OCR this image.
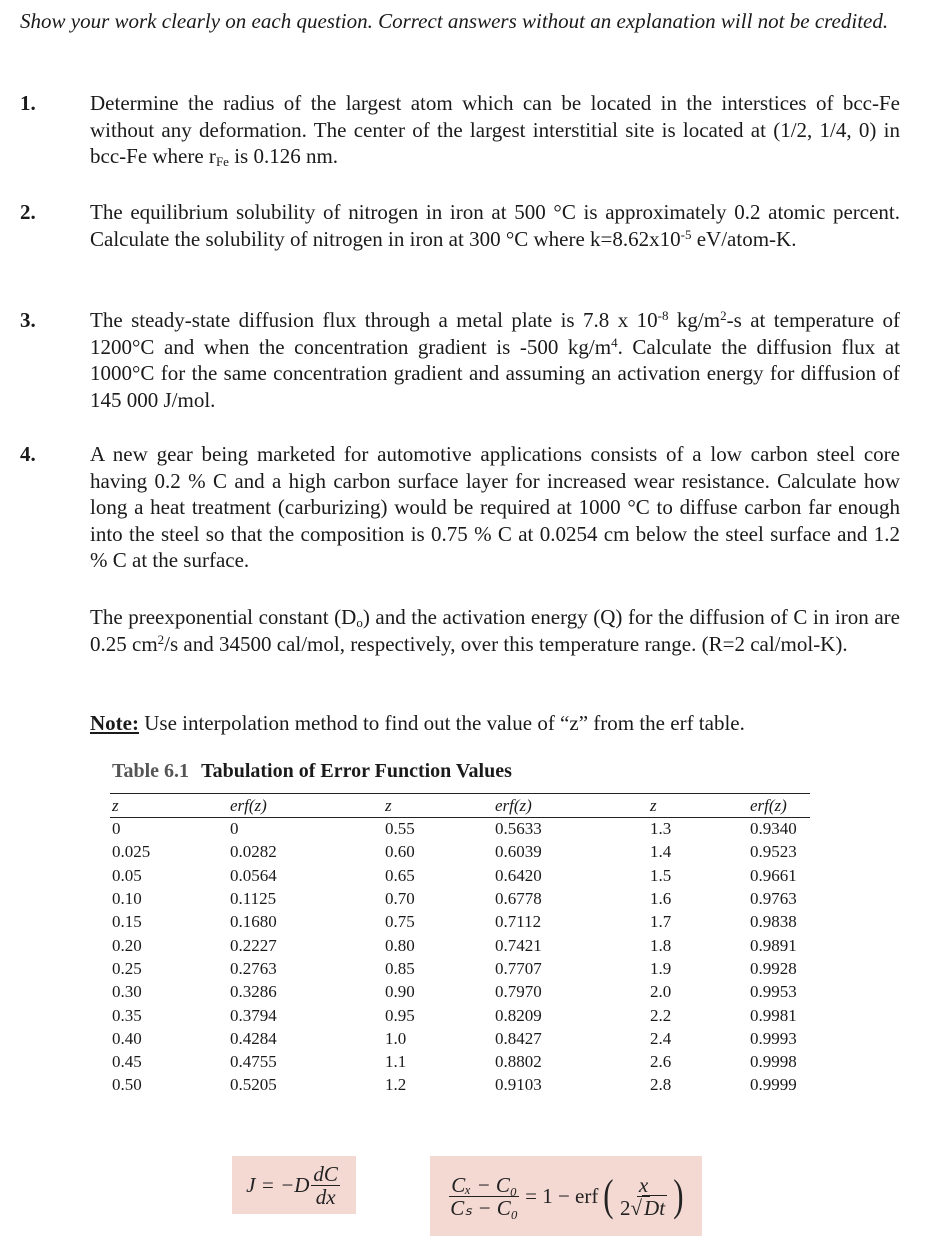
Show your work clearly on each question. Correct answers without an explanation will not be credited.
1.	Determine the radius of the largest atom which can be located in the interstices of bcc-Fe without any deformation. The center of the largest interstitial site is located at (1/2, 1/4, 0) in bcc-Fe where $r_{Fe}$ is 0.126 nm.
2.	The equilibrium solubility of nitrogen in iron at 500 °C is approximately 0.2 atomic percent. Calculate the solubility of nitrogen in iron at 300 °C where $k=8.62x10^{-5}$ eV/atom-K.
3.	The steady-state diffusion flux through a metal plate is 7.8 x $10^{-8}$ $kg/m^2-s$ at temperature of 1200°C and when the concentration gradient is -500 $kg/m^4$. Calculate the diffusion flux at 1000°C for the same concentration gradient and assuming an activation energy for diffusion of 145 000 J/mol.
4.	A new gear being marketed for automotive applications consists of a low carbon steel core having 0.2 % C and a high carbon surface layer for increased wear resistance. Calculate how long a heat treatment (carburizing) would be required at 1000 °C to diffuse carbon far enough into the steel so that the composition is 0.75 % C at 0.0254 cm below the steel surface and 1.2 % C at the surface.
The preexponential constant $(D_o)$ and the activation energy (Q) for the diffusion of C in iron are 0.25 $cm^2/s$ and 34500 cal/mol, respectively, over this temperature range. (R=2 cal/mol-K).
Note: Use interpolation method to find out the value of “z” from the erf table.
Table 6.1 Tabulation of Error Function Values
z	erf(z)	z	erf(z)	z	erf(z)
0	0	0.55	0.5633	1.3	0.9340
0.025	0.0282	0.60	0.6039	1.4	0.9523
0.05	0.0564	0.65	0.6420	1.5	0.9661
0.10	0.1125	0.70	0.6778	1.6	0.9763
0.15	0.1680	0.75	0.7112	1.7	0.9838
0.20	0.2227	0.80	0.7421	1.8	0.9891
0.25	0.2763	0.85	0.7707	1.9	0.9928
0.30	0.3286	0.90	0.7970	2.0	0.9953
0.35	0.3794	0.95	0.8209	2.2	0.9981
0.40	0.4284	1.0	0.8427	2.4	0.9993
0.45	0.4755	1.1	0.8802	2.6	0.9998
0.50	0.5205	1.2	0.9103	2.8	0.9999
$J = -D \frac{dC}{dx}$	$\frac{\text{Cₓ − C₀}}{\text{Cₛ − C₀}} = 1$ − erf ( $\frac{x}{2√Dt}$ )
